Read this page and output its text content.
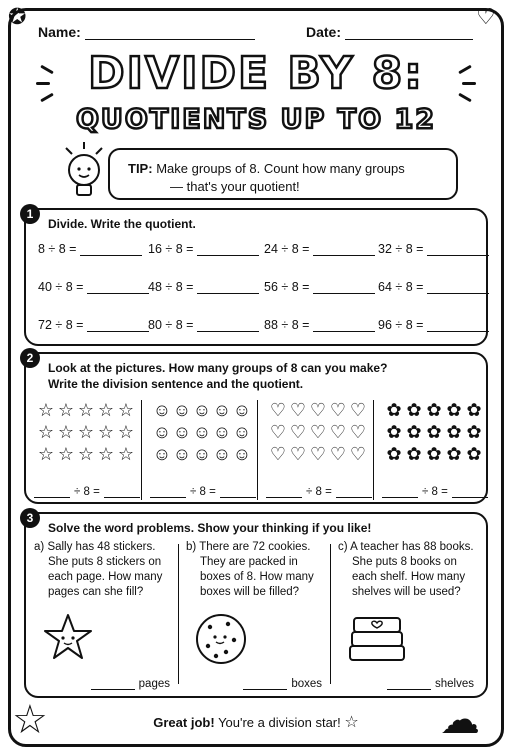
✪	♡
☆	☁
Name:	Date:
DIVIDE BY 8:
QUOTIENTS UP TO 12
TIP: Make groups of 8. Count how many groups
— that's your quotient!
1
Divide. Write the quotient.
8 ÷ 8 =	16 ÷ 8 =	24 ÷ 8 =	32 ÷ 8 =
40 ÷ 8 =	48 ÷ 8 =	56 ÷ 8 =	64 ÷ 8 =
72 ÷ 8 =	80 ÷ 8 =	88 ÷ 8 =	96 ÷ 8 =
2
Look at the pictures. How many groups of 8 can you make?
Write the division sentence and the quotient.
☆ ☆ ☆ ☆ ☆
☆ ☆ ☆ ☆ ☆
☆ ☆ ☆ ☆ ☆
÷ 8 =
☺ ☺ ☺ ☺ ☺
☺ ☺ ☺ ☺ ☺
☺ ☺ ☺ ☺ ☺
÷ 8 =
♡ ♡ ♡ ♡ ♡
♡ ♡ ♡ ♡ ♡
♡ ♡ ♡ ♡ ♡
÷ 8 =
✿ ✿ ✿ ✿ ✿
✿ ✿ ✿ ✿ ✿
✿ ✿ ✿ ✿ ✿
÷ 8 =
3
Solve the word problems. Show your thinking if you like!
a) Sally has 48 stickers.
She puts 8 stickers on
each page. How many
pages can she fill?
pages
b) There are 72 cookies.
They are packed in
boxes of 8. How many
boxes will be filled?
boxes
c) A teacher has 88 books.
She puts 8 books on
each shelf. How many
shelves will be used?
shelves
Great job! You're a division star! ☆
